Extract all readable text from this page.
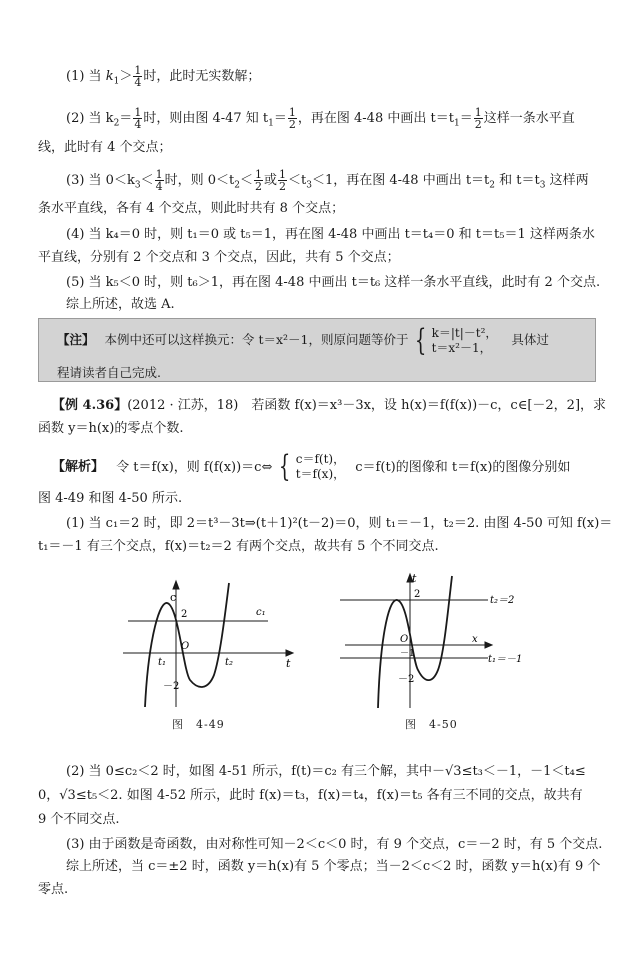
(1) 当 $k_1> \frac{1}{4}$ 时，此时无实数解；
(2) 当 $k_2= \frac{1}{4}$ 时，则由图 4-47 知 $t_1= \frac{1}{2}$ ，再在图 4-48 中画出 $t=t_1= \frac{1}{2}$ 这样一条水平直
线，此时有 4 个交点；
(3) 当 $0<k_3< \frac{1}{4}$ 时，则 $0<t_2< \frac{1}{2}$ 或 $\frac{1}{2} <t_3<1$，再在图 4-48 中画出 $t=t_2$ 和 $t=t_3$ 这样两
条水平直线，各有 4 个交点，则此时共有 8 个交点；
(4) 当 k₄＝0 时，则 t₁＝0 或 t₅＝1，再在图 4-48 中画出 t＝t₄＝0 和 t＝t₅＝1 这样两条水
平直线，分别有 2 个交点和 3 个交点，因此，共有 5 个交点；
(5) 当 k₅＜0 时，则 t₆＞1，再在图 4-48 中画出 t＝t₆ 这样一条水平直线，此时有 2 个交点.
综上所述，故选 A.
【注】 本例中还可以这样换元：令 t＝x²－1，则原问题等价于 { k＝|t|－t²，
t＝x²－1，
具体过
程请读者自己完成.
【例 4.36】(2012 · 江苏，18)　若函数 f(x)＝x³－3x，设 h(x)＝f(f(x))－c，c∈[－2，2]，求
函数 y＝h(x)的零点个数.
【解析】 令 t＝f(x)，则 f(f(x))＝c⇔ { c＝f(t)，
t＝f(x)， c＝f(t)的图像和 t＝f(x)的图像分别如
图 4-49 和图 4-50 所示.
(1) 当 c₁＝2 时，即 2＝t³－3t⇒(t＋1)²(t－2)＝0，则 t₁＝－1，t₂＝2. 由图 4-50 可知 f(x)＝
t₁＝－1 有三个交点，f(x)＝t₂＝2 有两个交点，故共有 5 个不同交点.
c
t
2	c₁
O
t₁	t₂
－2
图　4-49
t
x
2
O
－1
－2
t₂＝2
t₁＝－1
图　4-50
(2) 当 0≤c₂＜2 时，如图 4-51 所示，f(t)＝c₂ 有三个解，其中－√3≤t₃＜－1，－1＜t₄≤
0，√3≤t₅＜2. 如图 4-52 所示，此时 f(x)＝t₃，f(x)＝t₄，f(x)＝t₅ 各有三不同的交点，故共有
9 个不同交点.
(3) 由于函数是奇函数，由对称性可知－2＜c＜0 时，有 9 个交点，c＝－2 时，有 5 个交点.
综上所述，当 c＝±2 时，函数 y＝h(x)有 5 个零点；当－2＜c＜2 时，函数 y＝h(x)有 9 个
零点.
